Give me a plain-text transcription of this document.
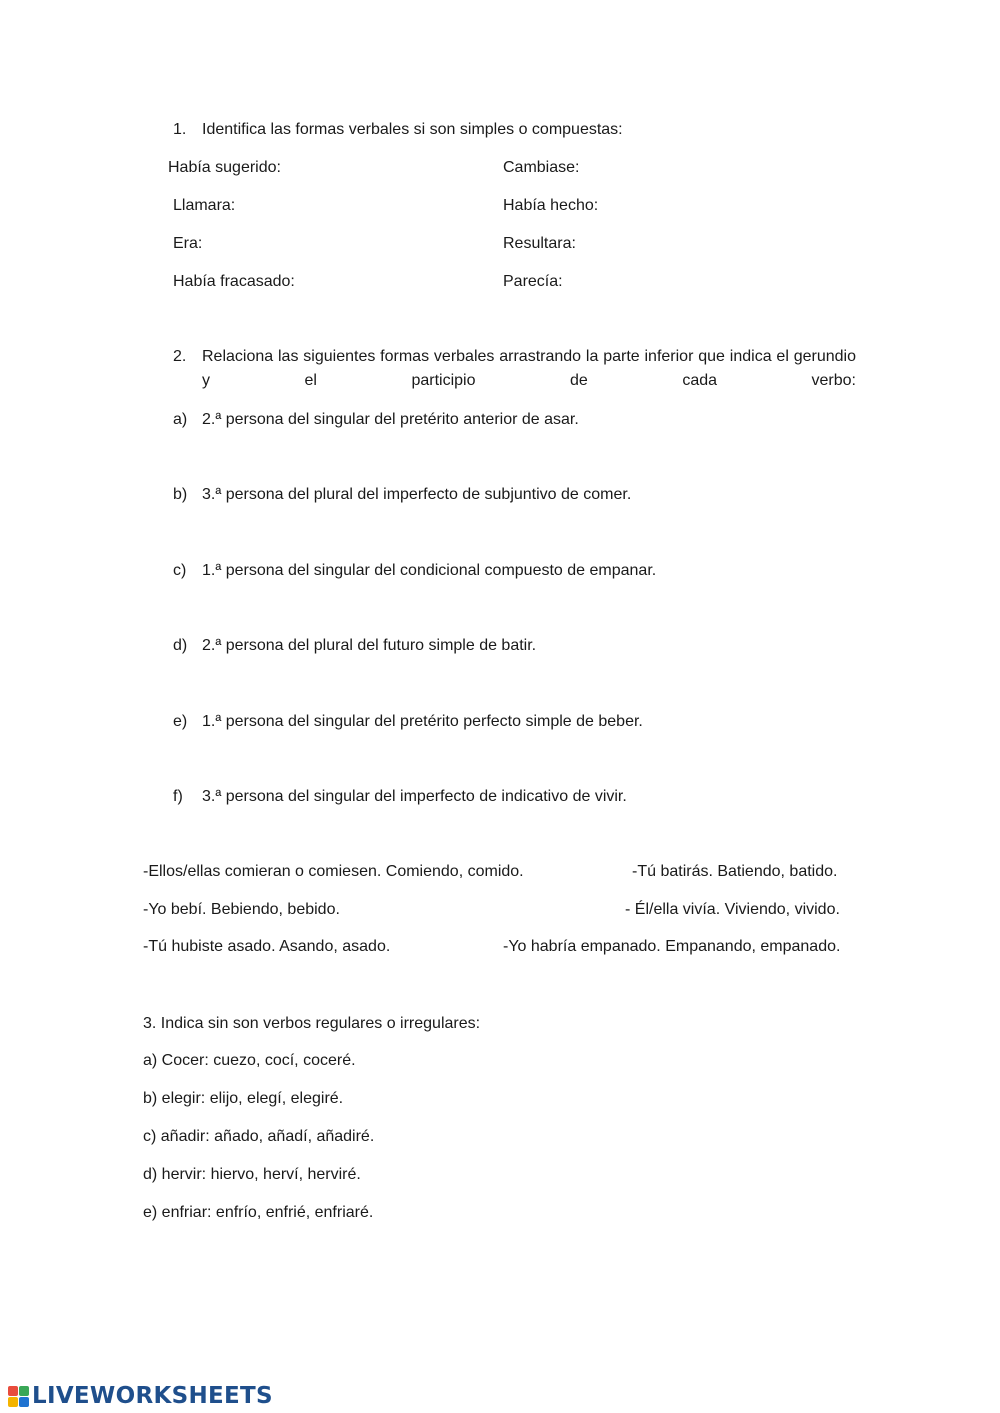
1. Identifica las formas verbales si son simples o compuestas:
Había sugerido:
Llamara:
Era:
Había fracasado:
Cambiase:
Había hecho:
Resultara:
Parecía:
2. Relaciona las siguientes formas verbales arrastrando la parte inferior que indica el gerundio y el participio de cada verbo:
a) 2.ª persona del singular del pretérito anterior de asar.
b) 3.ª persona del plural del imperfecto de subjuntivo de comer.
c) 1.ª persona del singular del condicional compuesto de empanar.
d) 2.ª persona del plural del futuro simple de batir.
e) 1.ª persona del singular del pretérito perfecto simple de beber.
f) 3.ª persona del singular del imperfecto de indicativo de vivir.
-Ellos/ellas comieran o comiesen. Comiendo, comido.
-Yo bebí. Bebiendo, bebido.
-Tú hubiste asado. Asando, asado.
-Tú batirás. Batiendo, batido.
- Él/ella vivía. Viviendo, vivido.
-Yo habría empanado. Empanando, empanado.
3. Indica sin son verbos regulares o irregulares:
a) Cocer: cuezo, cocí, coceré.
b) elegir: elijo, elegí, elegiré.
c) añadir: añado, añadí, añadiré.
d) hervir: hiervo, herví, herviré.
e) enfriar: enfrío, enfrié, enfriaré.
LIVEWORKSHEETS
